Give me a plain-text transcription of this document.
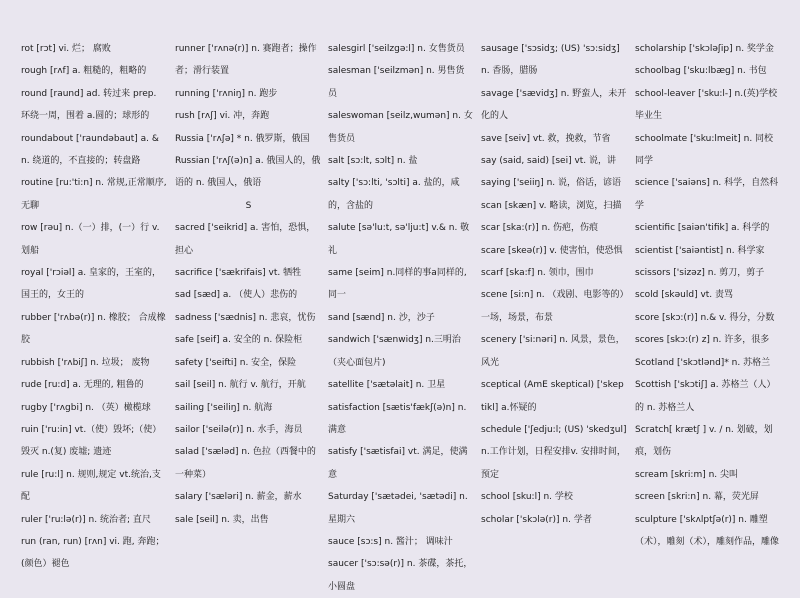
rot [rɔt] vi. 烂； 腐败

rough [rʌf] a. 粗糙的，粗略的

round [raund] ad. 转过来 prep. 环绕一周，围着 a.圆的；球形的

roundabout ['raundəbaut] a. & n. 绕道的，不直接的；转盘路

routine [ru:'ti:n] n. 常规,正常顺序,无聊

row [rəu] n.（一）排，(一）行 v.划船

royal ['rɔiəl] a. 皇家的，王室的，国王的，女王的

rubber ['rʌbə(r)] n. 橡胶； 合成橡胶

rubbish ['rʌbiʃ] n. 垃圾； 废物

rude [ru:d] a. 无理的, 粗鲁的

rugby ['rʌgbi] n. （英）橄榄球

ruin ['ru:in] vt.（使）毁坏;（使）毁灭 n.(复) 废墟; 遗迹

rule [ru:l] n. 规则,规定 vt.统治,支配

ruler ['ru:lə(r)] n. 统治者; 直尺

run (ran, run) [rʌn] vi. 跑, 奔跑；(颜色）褪色

runner ['rʌnə(r)] n. 赛跑者；操作者；滑行装置

running ['rʌniŋ] n. 跑步

rush [rʌʃ] vi. 冲，奔跑

Russia ['rʌʃə] * n. 俄罗斯，俄国

Russian ['rʌʃ(ə)n] a. 俄国人的，俄语的 n. 俄国人，俄语

S

sacred ['seikrid] a. 害怕，恐惧，担心

sacrifice ['sækrifais] vt. 牺牲

sad [sæd] a. （使人）悲伤的

sadness ['sædnis] n. 悲哀，忧伤

safe [seif] a. 安全的 n. 保险柜

safety ['seifti] n. 安全，保险

sail [seil] n. 航行 v. 航行，开航

sailing ['seiliŋ] n. 航海

sailor ['seilə(r)] n. 水手，海员

salad ['sæləd] n. 色拉（西餐中的一种菜）

salary ['sæləri] n. 薪金，薪水

sale [seil] n. 卖，出售

salesgirl ['seilzgə:l] n. 女售货员

salesman ['seilzmən] n. 男售货员

saleswoman [seilz,wumən] n. 女售货员

salt [sɔ:lt, sɔlt] n. 盐

salty ['sɔ:lti, 'sɔlti] a. 盐的，咸的，含盐的

salute [sə'lu:t, sə'lju:t] v.& n. 敬礼

same [seim] n.同样的事a同样的,同一

sand [sænd] n. 沙，沙子

sandwich ['sænwidʒ] n.三明治（夹心面包片)

satellite ['sætəlait] n. 卫星

satisfaction [sætis'fækʃ(ə)n] n. 满意

satisfy ['sætisfai] vt. 满足，使满意

Saturday ['sætədei, 'sætədi] n. 星期六

sauce [sɔ:s] n. 酱汁； 调味汁

saucer ['sɔ:sə(r)] n. 茶碟，茶托，小圆盘

sausage ['sɔsidʒ; (US) 'sɔ:sidʒ] n. 香肠，腊肠

savage ['sævidʒ] n. 野蛮人，未开化的人

save [seiv] vt. 救，挽救，节省

say (said, said) [sei] vt. 说，讲

saying ['seiiŋ] n. 说，俗话，谚语

scan [skæn] v. 略读，浏览，扫描

scar [ska:(r)] n. 伤疤，伤痕

scare [skeə(r)] v. 使害怕，使恐惧

scarf [ska:f] n. 领巾，围巾

scene [si:n] n. （戏剧、电影等的）一场，场景，布景

scenery ['si:nəri] n. 风景，景色，风光

sceptical (AmE skeptical) ['skeptikl] a.怀疑的

schedule ['ʃedju:l; (US) 'skedʒul] n.工作计划，日程安排v. 安排时间，预定

school [sku:l] n. 学校

scholar ['skɔlə(r)] n. 学者

scholarship ['skɔləʃip] n. 奖学金

schoolbag ['sku:lbæg] n. 书包

school-leaver ['sku:l-] n.(英)学校毕业生

schoolmate ['sku:lmeit] n. 同校同学

science ['saiəns] n. 科学，自然科学

scientific [saiən'tifik] a. 科学的

scientist ['saiəntist] n. 科学家

scissors ['sizəz] n. 剪刀，剪子

scold [skəuld] vt. 责骂

score [skɔ:(r)] n.& v. 得分，分数

scores [skɔ:(r) z] n. 许多，很多

Scotland ['skɔtlənd]* n. 苏格兰

Scottish ['skɔtiʃ] a. 苏格兰（人）的 n. 苏格兰人

Scratch[ krætʃ ] v. / n. 划破，划痕，划伤

scream [skri:m] n. 尖叫

screen [skri:n] n. 幕，荧光屏

sculpture ['skʌlptʃə(r)] n. 雕塑（术），雕刻（术），雕刻作品，雕像
